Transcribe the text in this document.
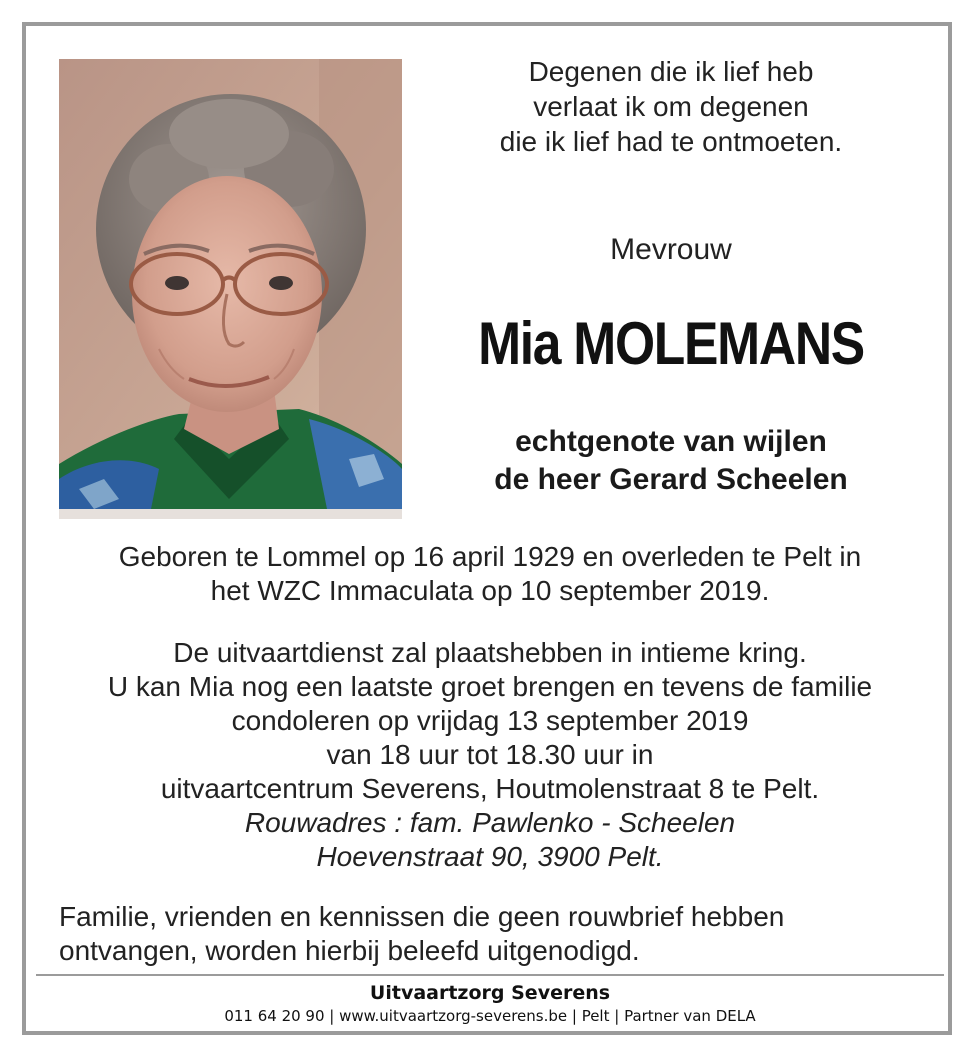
Degenen die ik lief heb
verlaat ik om degenen
die ik lief had te ontmoeten.
Mevrouw
Mia MOLEMANS
echtgenote van wijlen
de heer Gerard Scheelen
Geboren te Lommel op 16 april 1929 en overleden te Pelt in
het WZC Immaculata op 10 september 2019.
De uitvaartdienst zal plaatshebben in intieme kring.
U kan Mia nog een laatste groet brengen en tevens de familie
condoleren op vrijdag 13 september 2019
van 18 uur tot 18.30 uur in
uitvaartcentrum Severens, Houtmolenstraat 8 te Pelt.
Rouwadres : fam. Pawlenko - Scheelen
Hoevenstraat 90, 3900 Pelt.
Familie, vrienden en kennissen die geen rouwbrief hebben
ontvangen, worden hierbij beleefd uitgenodigd.
Uitvaartzorg Severens
011 64 20 90 | www.uitvaartzorg-severens.be | Pelt | Partner van DELA
